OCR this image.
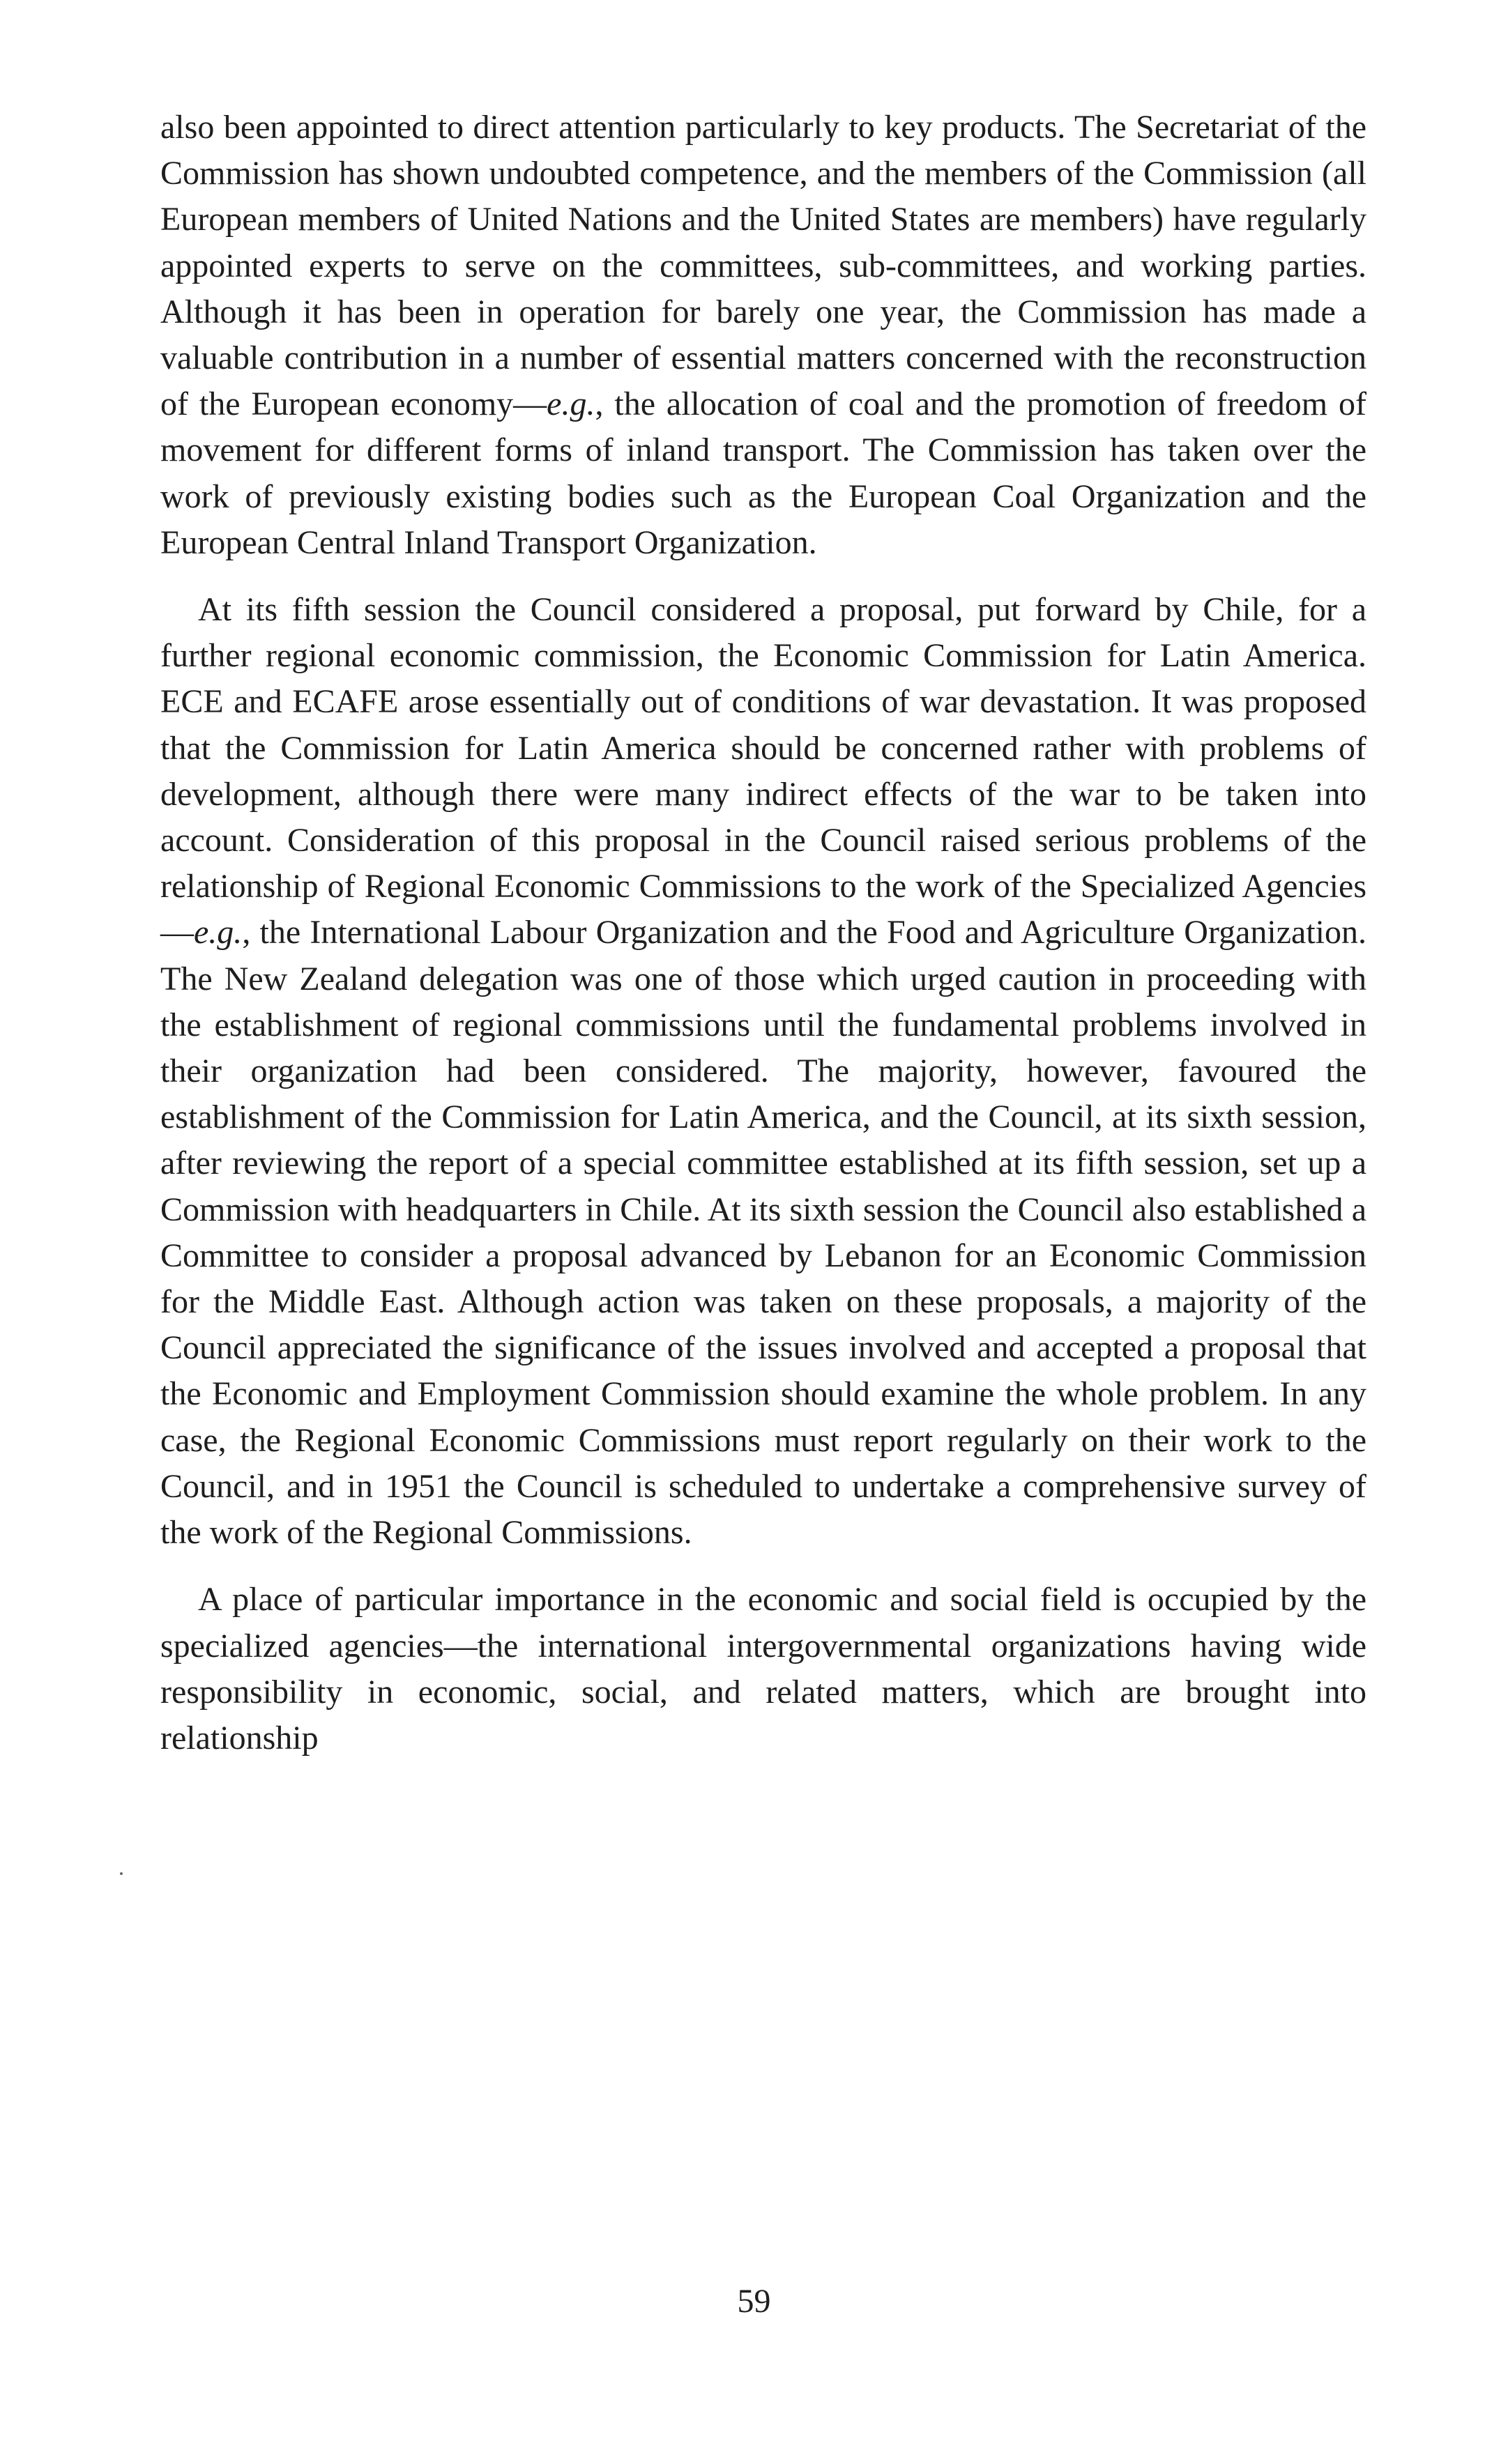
also been appointed to direct attention particularly to key products. The Secretariat of the Commission has shown undoubted competence, and the members of the Commission (all European members of United Nations and the United States are members) have regularly appointed experts to serve on the committees, sub-committees, and working parties. Although it has been in operation for barely one year, the Commission has made a valuable contribution in a number of essential matters concerned with the reconstruction of the European economy—e.g., the allocation of coal and the promotion of freedom of movement for different forms of inland transport. The Commission has taken over the work of previously existing bodies such as the European Coal Organization and the European Central Inland Transport Organization.

At its fifth session the Council considered a proposal, put forward by Chile, for a further regional economic commission, the Economic Commission for Latin America. ECE and ECAFE arose essentially out of conditions of war devastation. It was proposed that the Commission for Latin America should be concerned rather with problems of development, although there were many indirect effects of the war to be taken into account. Consideration of this proposal in the Council raised serious problems of the relationship of Regional Economic Commissions to the work of the Specialized Agencies—e.g., the International Labour Organization and the Food and Agriculture Organization. The New Zealand delegation was one of those which urged caution in proceeding with the establishment of regional commissions until the fundamental problems involved in their organization had been considered. The majority, however, favoured the establishment of the Commission for Latin America, and the Council, at its sixth session, after reviewing the report of a special committee established at its fifth session, set up a Commission with headquarters in Chile. At its sixth session the Council also established a Committee to consider a proposal advanced by Lebanon for an Economic Commission for the Middle East. Although action was taken on these proposals, a majority of the Council appreciated the significance of the issues involved and accepted a proposal that the Economic and Employment Commission should examine the whole problem. In any case, the Regional Economic Commissions must report regularly on their work to the Council, and in 1951 the Council is scheduled to undertake a comprehensive survey of the work of the Regional Commissions.

A place of particular importance in the economic and social field is occupied by the specialized agencies—the international intergovernmental organizations having wide responsibility in economic, social, and related matters, which are brought into relationship

59
